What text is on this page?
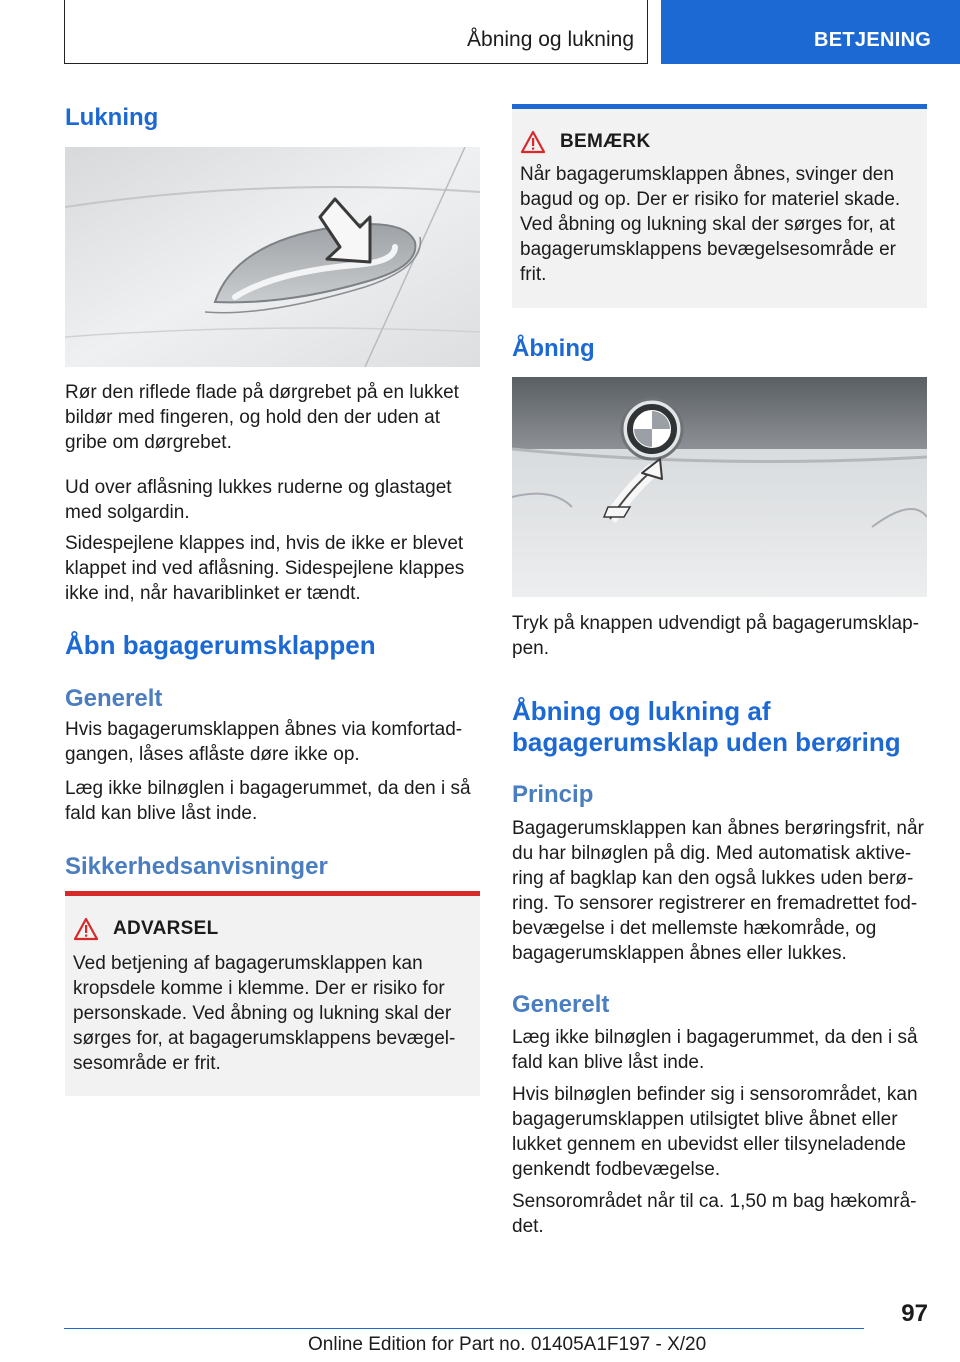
Åbning og lukning	BETJENING
Lukning

Rør den riflede flade på dørgrebet på en lukket bildør med fingeren, og hold den der uden at gribe om dørgrebet.

Ud over aflåsning lukkes ruderne og glastaget med solgardin.

Sidespejlene klappes ind, hvis de ikke er blevet klappet ind ved aflåsning. Sidespejlene klappes ikke ind, når havariblinket er tændt.

Åbn bagagerumsklappen
Generelt

Hvis bagagerumsklappen åbnes via komfortadgangen, låses aflåste døre ikke op.

Læg ikke bilnøglen i bagagerummet, da den i så fald kan blive låst inde.

Sikkerhedsanvisninger
ADVARSEL
Ved betjening af bagagerumsklappen kan kropsdele komme i klemme. Der er risiko for personskade. Ved åbning og lukning skal der sørges for, at bagagerumsklappens bevægelsesområde er frit.
BEMÆRK
Når bagagerumsklappen åbnes, svinger den bagud og op. Der er risiko for materiel skade. Ved åbning og lukning skal der sørges for, at bagagerumsklappens bevægelsesområde er frit.
Åbning

Tryk på knappen udvendigt på bagagerumsklappen.

Åbning og lukning af bagagerumsklap uden berøring
Princip

Bagagerumsklappen kan åbnes berøringsfrit, når du har bilnøglen på dig. Med automatisk aktivering af bagklap kan den også lukkes uden berøring. To sensorer registrerer en fremadrettet fodbevægelse i det mellemste hækområde, og bagagerumsklappen åbnes eller lukkes.

Generelt

Læg ikke bilnøglen i bagagerummet, da den i så fald kan blive låst inde.

Hvis bilnøglen befinder sig i sensorområdet, kan bagagerumsklappen utilsigtet blive åbnet eller lukket gennem en ubevidst eller tilsyneladende genkendt fodbevægelse.

Sensorområdet når til ca. 1,50 m bag hækområdet.

97
Online Edition for Part no. 01405A1F197 - X/20
